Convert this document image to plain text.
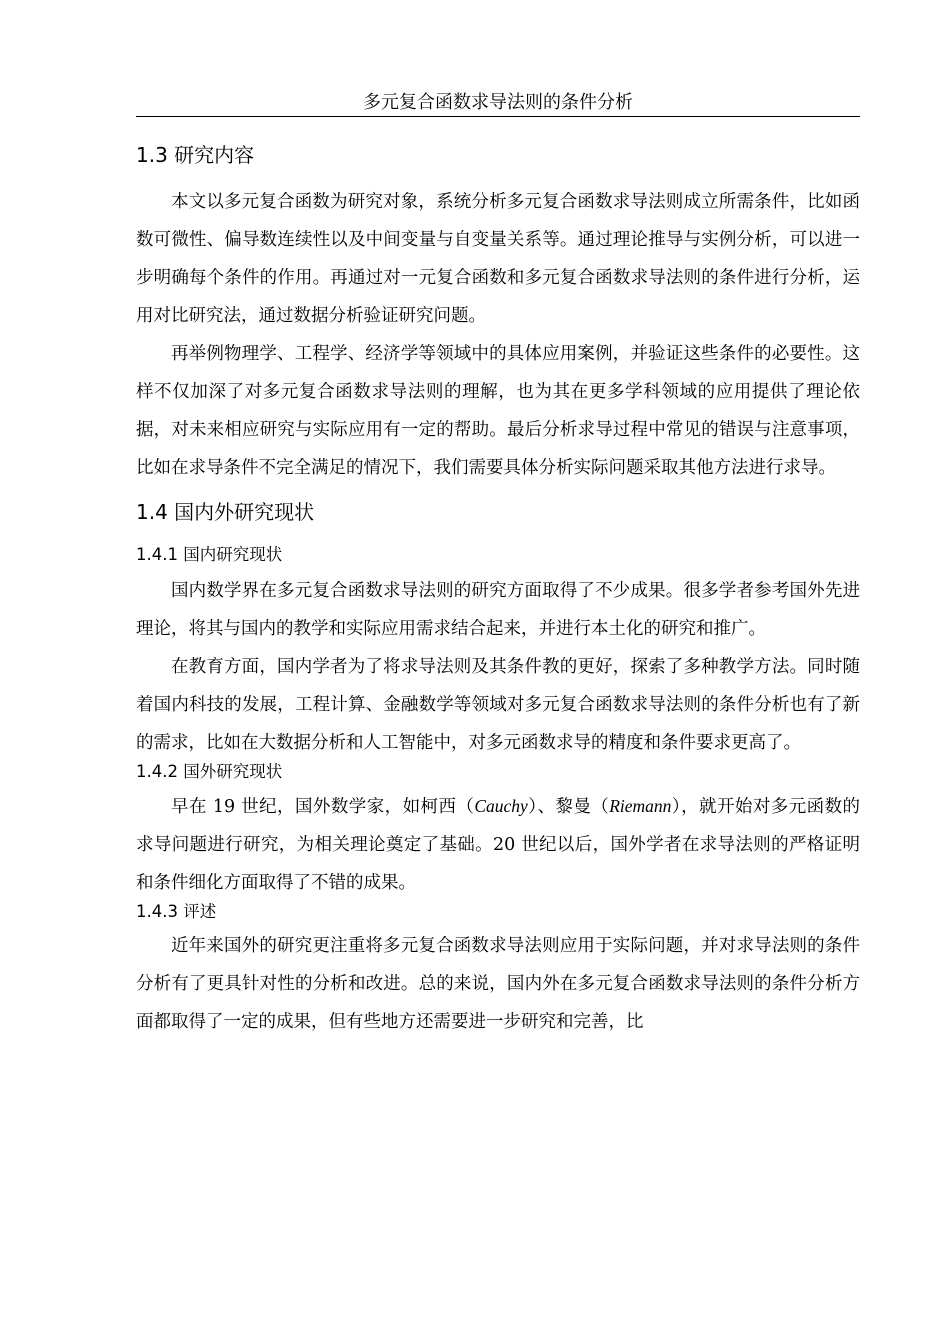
多元复合函数求导法则的条件分析
1.3 研究内容

本文以多元复合函数为研究对象，系统分析多元复合函数求导法则成立所需条件，比如函数可微性、偏导数连续性以及中间变量与自变量关系等。通过理论推导与实例分析，可以进一步明确每个条件的作用。再通过对一元复合函数和多元复合函数求导法则的条件进行分析，运用对比研究法，通过数据分析验证研究问题。

再举例物理学、工程学、经济学等领域中的具体应用案例，并验证这些条件的必要性。这样不仅加深了对多元复合函数求导法则的理解，也为其在更多学科领域的应用提供了理论依据，对未来相应研究与实际应用有一定的帮助。最后分析求导过程中常见的错误与注意事项，比如在求导条件不完全满足的情况下，我们需要具体分析实际问题采取其他方法进行求导。

1.4 国内外研究现状
1.4.1 国内研究现状

国内数学界在多元复合函数求导法则的研究方面取得了不少成果。很多学者参考国外先进理论，将其与国内的教学和实际应用需求结合起来，并进行本土化的研究和推广。

在教育方面，国内学者为了将求导法则及其条件教的更好，探索了多种教学方法。同时随着国内科技的发展，工程计算、金融数学等领域对多元复合函数求导法则的条件分析也有了新的需求，比如在大数据分析和人工智能中，对多元函数求导的精度和条件要求更高了。

1.4.2 国外研究现状

早在 19 世纪，国外数学家，如柯西（Cauchy）、黎曼（Riemann），就开始对多元函数的求导问题进行研究，为相关理论奠定了基础。20 世纪以后，国外学者在求导法则的严格证明和条件细化方面取得了不错的成果。

1.4.3 评述

近年来国外的研究更注重将多元复合函数求导法则应用于实际问题，并对求导法则的条件分析有了更具针对性的分析和改进。总的来说，国内外在多元复合函数求导法则的条件分析方面都取得了一定的成果，但有些地方还需要进一步研究和完善，比
